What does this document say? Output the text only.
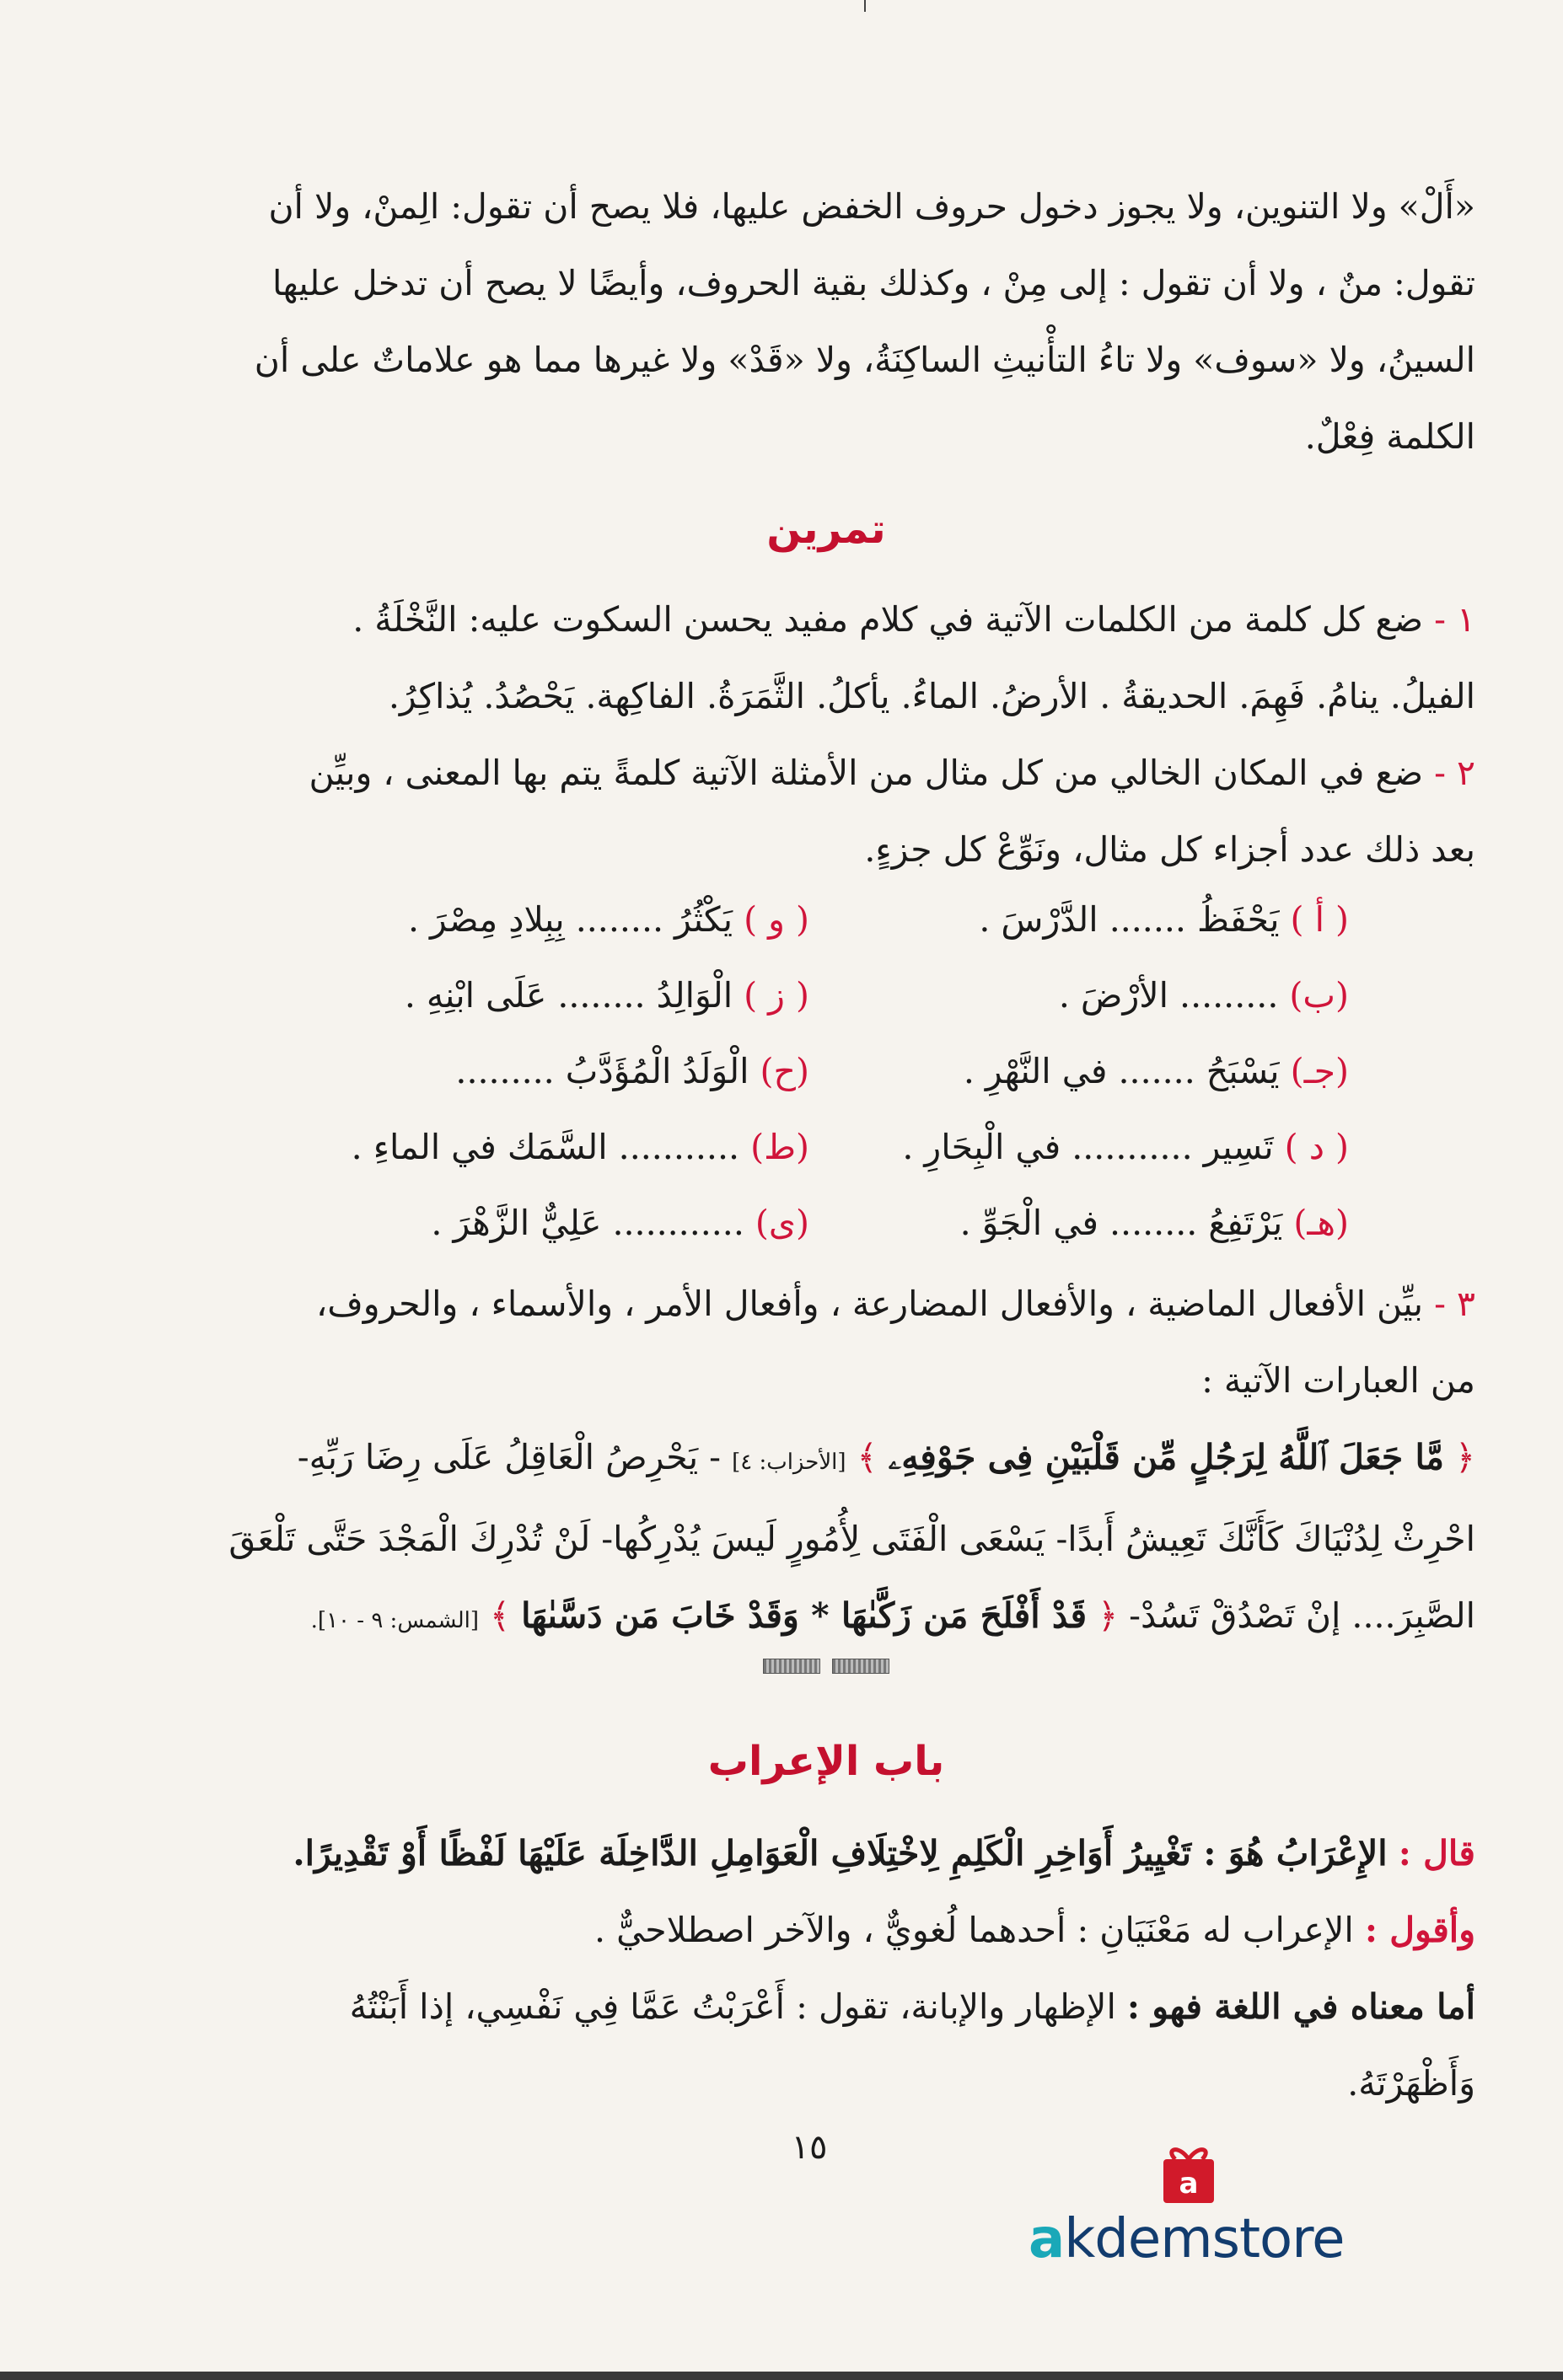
«أَلْ» ولا التنوين، ولا يجوز دخول حروف الخفض عليها، فلا يصح أن تقول: الِمنْ، ولا أن

تقول: منٌ ، ولا أن تقول : إلى مِنْ ، وكذلك بقية الحروف، وأيضًا لا يصح أن تدخل عليها

السينُ، ولا «سوف» ولا تاءُ التأْنيثِ الساكِنَةُ، ولا «قَدْ» ولا غيرها مما هو علاماتٌ على أن

الكلمة فِعْلٌ.

تمرين

١ - ضع كل كلمة من الكلمات الآتية في كلام مفيد يحسن السكوت عليه: النَّخْلَةُ .

الفيلُ. ينامُ. فَهِمَ. الحديقةُ . الأرضُ. الماءُ. يأكلُ. الثَّمَرَةُ. الفاكِهة. يَحْصُدُ. يُذاكِرُ.

٢ - ضع في المكان الخالي من كل مثال من الأمثلة الآتية كلمةً يتم بها المعنى ، وبيِّن

بعد ذلك عدد أجزاء كل مثال، ونَوِّعْ كل جزءٍ.

( أ ) يَحْفَظُ ....... الدَّرْسَ .
( و ) يَكْثُرُ ........ بِبِلادِ مِصْرَ .
(ب) ......... الأرْضَ .
( ز ) الْوَالِدُ ........ عَلَى ابْنِهِ .
(جـ) يَسْبَحُ ....... في النَّهْرِ .
(ح) الْوَلَدُ الْمُؤَدَّبُ .........
( د ) تَسِير ........... في الْبِحَارِ .
(ط) ........... السَّمَك في الماءِ .
(هـ) يَرْتَفِعُ ........ في الْجَوِّ .
(ى) ............ عَلِيٌّ الزَّهْرَ .

٣ - بيِّن الأفعال الماضية ، والأفعال المضارعة ، وأفعال الأمر ، والأسماء ، والحروف،

من العبارات الآتية :

﴿ مَّا جَعَلَ ٱللَّهُ لِرَجُلٍ مِّن قَلْبَيْنِ فِى جَوْفِهِۦ ﴾ [الأحزاب: ٤] - يَحْرِصُ الْعَاقِلُ عَلَى رِضَا رَبِّهِ-

احْرِثْ لِدُنْيَاكَ كَأَنَّكَ تَعِيشُ أَبدًا- يَسْعَى الْفَتَى لِأُمُورٍ لَيسَ يُدْرِكُها- لَنْ تُدْرِكَ الْمَجْدَ حَتَّى تَلْعَقَ

الصَّبِرَ.... إنْ تَصْدُقْ تَسُدْ- ﴿ قَدْ أَفْلَحَ مَن زَكَّىٰهَا * وَقَدْ خَابَ مَن دَسَّىٰهَا ﴾ [الشمس: ٩ - ١٠].

باب الإعراب

قال : الإِعْرَابُ هُوَ : تَغْيِيرُ أَوَاخِرِ الْكَلِمِ لِاخْتِلَافِ الْعَوَامِلِ الدَّاخِلَة عَلَيْهَا لَفْظًا أَوْ تَقْدِيرًا.

وأقول : الإعراب له مَعْنَيَانِ : أحدهما لُغويٌّ ، والآخر اصطلاحيٌّ .

أما معناه في اللغة فهو : الإظهار والإبانة، تقول : أَعْرَبْتُ عَمَّا فِي نَفْسِي، إذا أَبَنْتُهُ

وَأَظْهَرْتَهُ.

١٥
a
akdemstore
